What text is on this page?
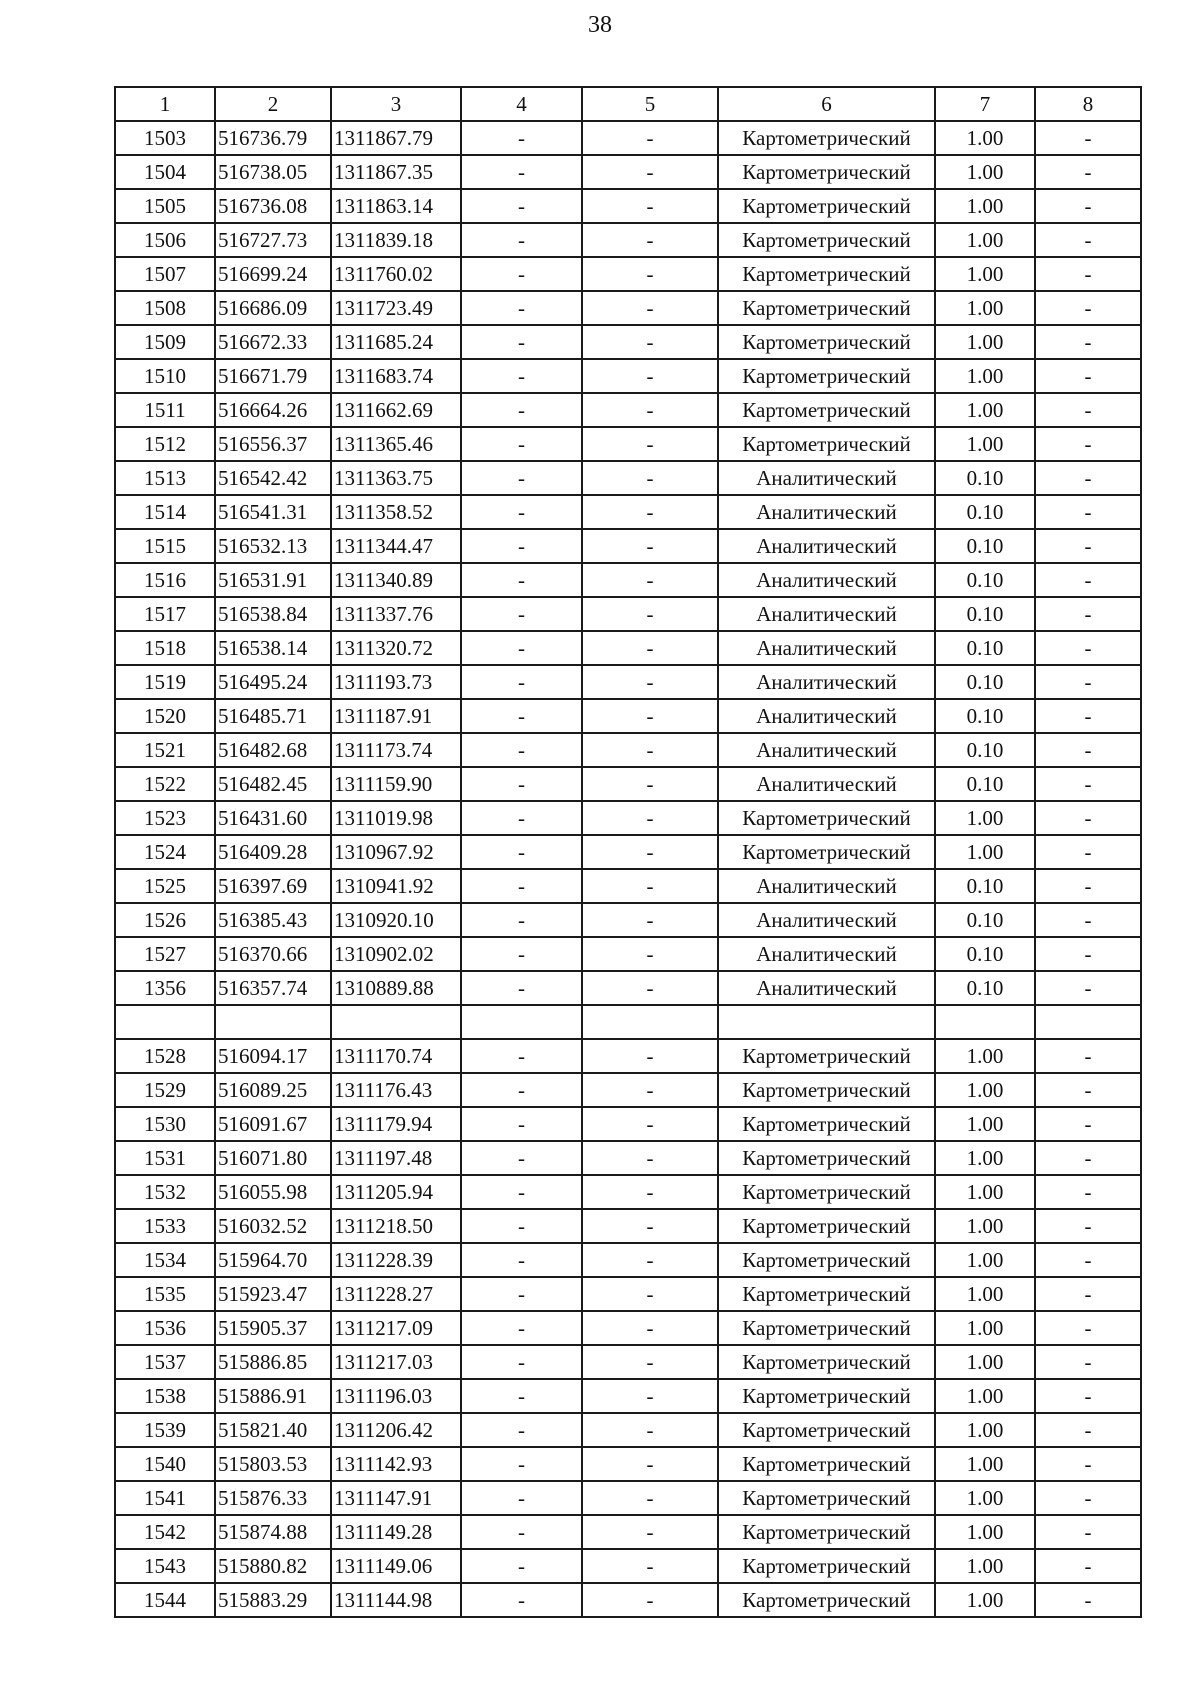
38
1	2	3	4	5	6	7	8
1503	516736.79	1311867.79	-	-	Картометрический	1.00	-
1504	516738.05	1311867.35	-	-	Картометрический	1.00	-
1505	516736.08	1311863.14	-	-	Картометрический	1.00	-
1506	516727.73	1311839.18	-	-	Картометрический	1.00	-
1507	516699.24	1311760.02	-	-	Картометрический	1.00	-
1508	516686.09	1311723.49	-	-	Картометрический	1.00	-
1509	516672.33	1311685.24	-	-	Картометрический	1.00	-
1510	516671.79	1311683.74	-	-	Картометрический	1.00	-
1511	516664.26	1311662.69	-	-	Картометрический	1.00	-
1512	516556.37	1311365.46	-	-	Картометрический	1.00	-
1513	516542.42	1311363.75	-	-	Аналитический	0.10	-
1514	516541.31	1311358.52	-	-	Аналитический	0.10	-
1515	516532.13	1311344.47	-	-	Аналитический	0.10	-
1516	516531.91	1311340.89	-	-	Аналитический	0.10	-
1517	516538.84	1311337.76	-	-	Аналитический	0.10	-
1518	516538.14	1311320.72	-	-	Аналитический	0.10	-
1519	516495.24	1311193.73	-	-	Аналитический	0.10	-
1520	516485.71	1311187.91	-	-	Аналитический	0.10	-
1521	516482.68	1311173.74	-	-	Аналитический	0.10	-
1522	516482.45	1311159.90	-	-	Аналитический	0.10	-
1523	516431.60	1311019.98	-	-	Картометрический	1.00	-
1524	516409.28	1310967.92	-	-	Картометрический	1.00	-
1525	516397.69	1310941.92	-	-	Аналитический	0.10	-
1526	516385.43	1310920.10	-	-	Аналитический	0.10	-
1527	516370.66	1310902.02	-	-	Аналитический	0.10	-
1356	516357.74	1310889.88	-	-	Аналитический	0.10	-

1528	516094.17	1311170.74	-	-	Картометрический	1.00	-
1529	516089.25	1311176.43	-	-	Картометрический	1.00	-
1530	516091.67	1311179.94	-	-	Картометрический	1.00	-
1531	516071.80	1311197.48	-	-	Картометрический	1.00	-
1532	516055.98	1311205.94	-	-	Картометрический	1.00	-
1533	516032.52	1311218.50	-	-	Картометрический	1.00	-
1534	515964.70	1311228.39	-	-	Картометрический	1.00	-
1535	515923.47	1311228.27	-	-	Картометрический	1.00	-
1536	515905.37	1311217.09	-	-	Картометрический	1.00	-
1537	515886.85	1311217.03	-	-	Картометрический	1.00	-
1538	515886.91	1311196.03	-	-	Картометрический	1.00	-
1539	515821.40	1311206.42	-	-	Картометрический	1.00	-
1540	515803.53	1311142.93	-	-	Картометрический	1.00	-
1541	515876.33	1311147.91	-	-	Картометрический	1.00	-
1542	515874.88	1311149.28	-	-	Картометрический	1.00	-
1543	515880.82	1311149.06	-	-	Картометрический	1.00	-
1544	515883.29	1311144.98	-	-	Картометрический	1.00	-
